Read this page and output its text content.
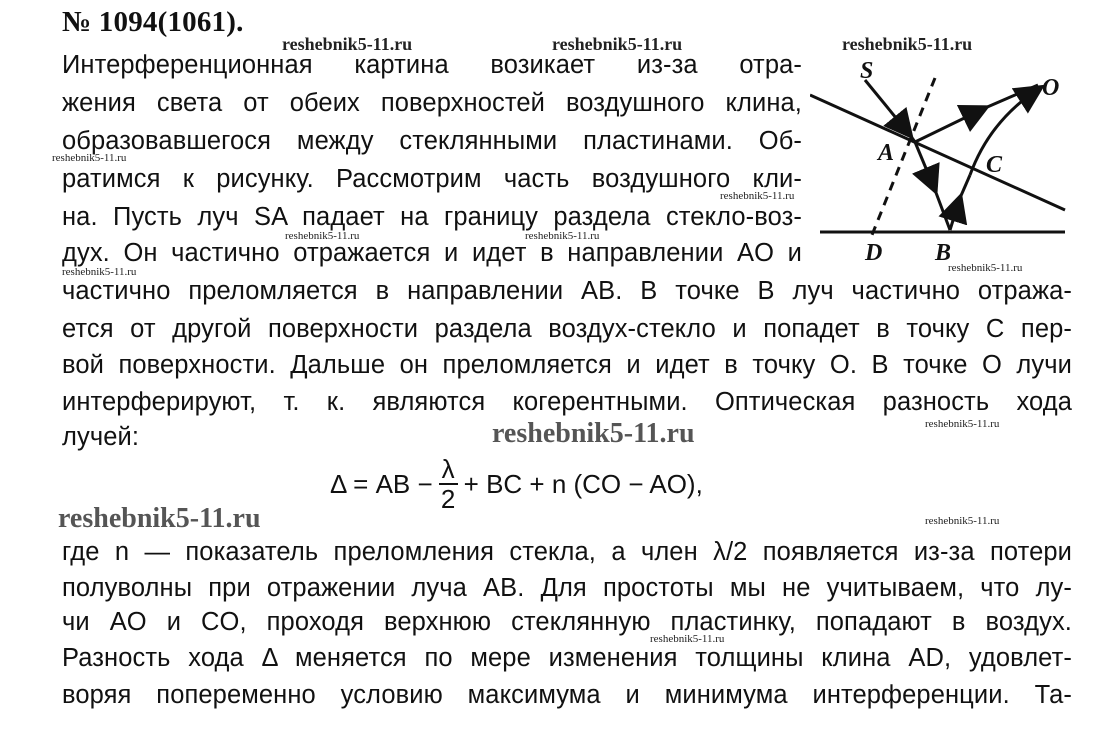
№ 1094(1061).
Интерференционная картина возикает из-за отра-
жения света от обеих поверхностей воздушного клина,
образовавшегося между стеклянными пластинами. Об-
ратимся к рисунку. Рассмотрим часть воздушного кли-
на. Пусть луч SA падает на границу раздела стекло-воз-
дух. Он частично отражается и идет в направлении AO и
частично преломляется в направлении AB. В точке B луч частично отража-
ется от другой поверхности раздела воздух-стекло и попадет в точку C пер-
вой поверхности. Дальше он преломляется и идет в точку O. В точке O лучи
интерферируют, т. к. являются когерентными. Оптическая разность хода
лучей:
Δ = AB − $\frac{\lambda}{2}$ + BC + n (CO − AO),
где n — показатель преломления стекла, а член λ/2 появляется из-за потери
полуволны при отражении луча AB. Для простоты мы не учитываем, что лу-
чи AO и CO, проходя верхнюю стеклянную пластинку, попадают в воздух.
Разность хода Δ меняется по мере изменения толщины клина AD, удовлет-
воряя попеременно условию максимума и минимума интерференции. Та-
reshebnik5-11.ru	reshebnik5-11.ru	reshebnik5-11.ru
reshebnik5-11.ru
reshebnik5-11.ru
reshebnik5-11.ru	reshebnik5-11.ru
reshebnik5-11.ru	reshebnik5-11.ru
reshebnik5-11.ru	reshebnik5-11.ru
reshebnik5-11.ru	reshebnik5-11.ru
reshebnik5-11.ru
S
O
A	C
D B
